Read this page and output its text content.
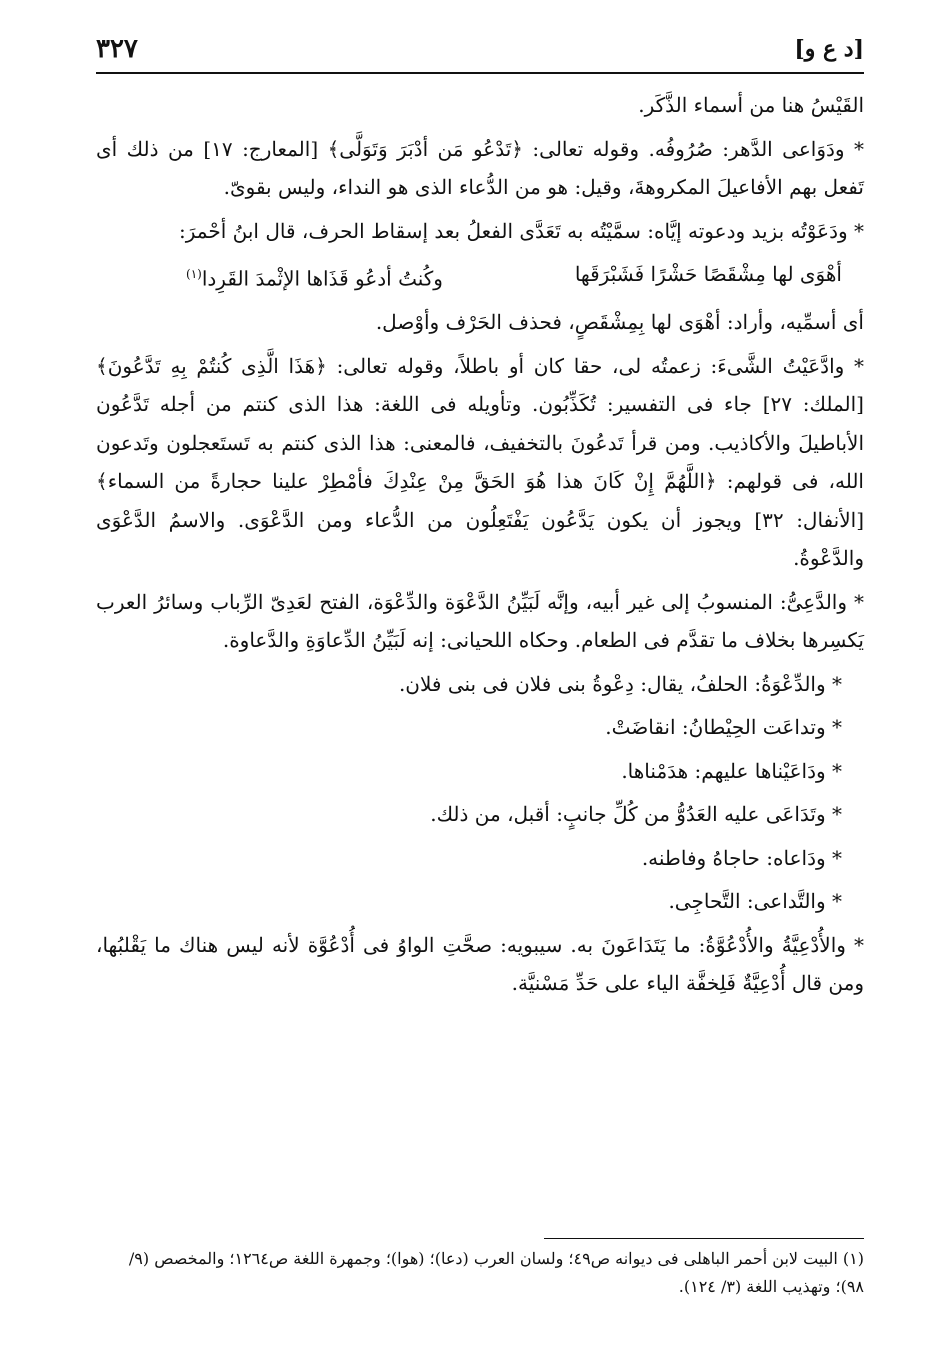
٣٢٧	[د ع و]

القَيْسُ هنا من أسماء الذَّكَر.

* ودَوَاعى الدَّهر: صُرُوفُه. وقوله تعالى: ﴿تَدْعُو مَن أدْبَرَ وَتَوَلَّى﴾ [المعارج: ١٧] من ذلك أى تَفعل بهم الأفاعيلَ المكروهةَ، وقيل: هو من الدُّعاء الذى هو النداء، وليس بقوىّ.

* ودَعَوْتُه بزيد ودعوته إيَّاه: سمَّيْتُه به تَعَدَّى الفعلُ بعد إسقاط الحرف، قال ابنُ أحْمرَ:

أهْوَى لها مِشْقَصًا حَشْرًا فَشَبْرَقَها
وكُنتُ أدعُو قَذَاها الإثْمدَ القَرِدا$^{(١)}$

أى أسمِّيه، وأراد: أهْوَى لها بِمِشْقَصٍ، فحذف الحَرْف وأوْصل.

* وادَّعَيْتُ الشَّىءَ: زعمتُه لى، حقا كان أو باطلاً، وقوله تعالى: ﴿هَذَا الَّذِى كُنتُمْ بِهِ تَدَّعُونَ﴾ [الملك: ٢٧] جاء فى التفسير: تُكَذِّبُون. وتأويله فى اللغة: هذا الذى كنتم من أجله تَدَّعُون الأباطيلَ والأكاذيب. ومن قرأ تَدعُونَ بالتخفيف، فالمعنى: هذا الذى كنتم به تَستَعجلون وتَدعون الله، فى قولهم: ﴿اللَّهُمَّ إِنْ كَانَ هذا هُوَ الحَقَّ مِنْ عِنْدِكَ فأمْطِرْ علينا حجارةً من السماء﴾ [الأنفال: ٣٢] ويجوز أن يكون يَدَّعُون يَفْتَعِلُون من الدُّعاء ومن الدَّعْوَى. والاسمُ الدَّعْوَى والدَّعْوةُ.

* والدَّعِىُّ: المنسوبُ إلى غير أبيه، وإنَّه لَبَيِّنُ الدَّعْوَة والدِّعْوَة، الفتح لعَدِىّ الرِّباب وسائرُ العرب يَكسِرها بخلاف ما تقدَّم فى الطعام. وحكاه اللحيانى: إنه لَبَيِّنُ الدِّعاوَةِ والدَّعاوة.

* والدِّعْوَةُ: الحلفُ، يقال: دِعْوةُ بنى فلان فى بنى فلان.

* وتداعَت الحِيْطانُ: انقاضَتْ.

* ودَاعَيْناها عليهم: هدَمْناها.

* وتَدَاعَى عليه العَدُوُّ من كُلِّ جانبٍ: أقبل، من ذلك.

* ودَاعاه: حاجاهُ وفاطنه.

* والتَّداعى: التَّحاجِى.

* والأُدْعِيَّةُ والأُدْعُوَّةُ: ما يَتَدَاعَونَ به. سيبويه: صحَّتِ الواوُ فى أُدْعُوَّة لأنه ليس هناك ما يَقْلبُها، ومن قال أُدْعِيَّةٌ فَلِخفَّة الياء على حَدِّ مَسْنيَّة.

(١) البيت لابن أحمر الباهلى فى ديوانه ص٤٩؛ ولسان العرب (دعا)؛ (هوا)؛ وجمهرة اللغة ص١٢٦٤؛ والمخصص (٩/ ٩٨)؛ وتهذيب اللغة (٣/ ١٢٤).
